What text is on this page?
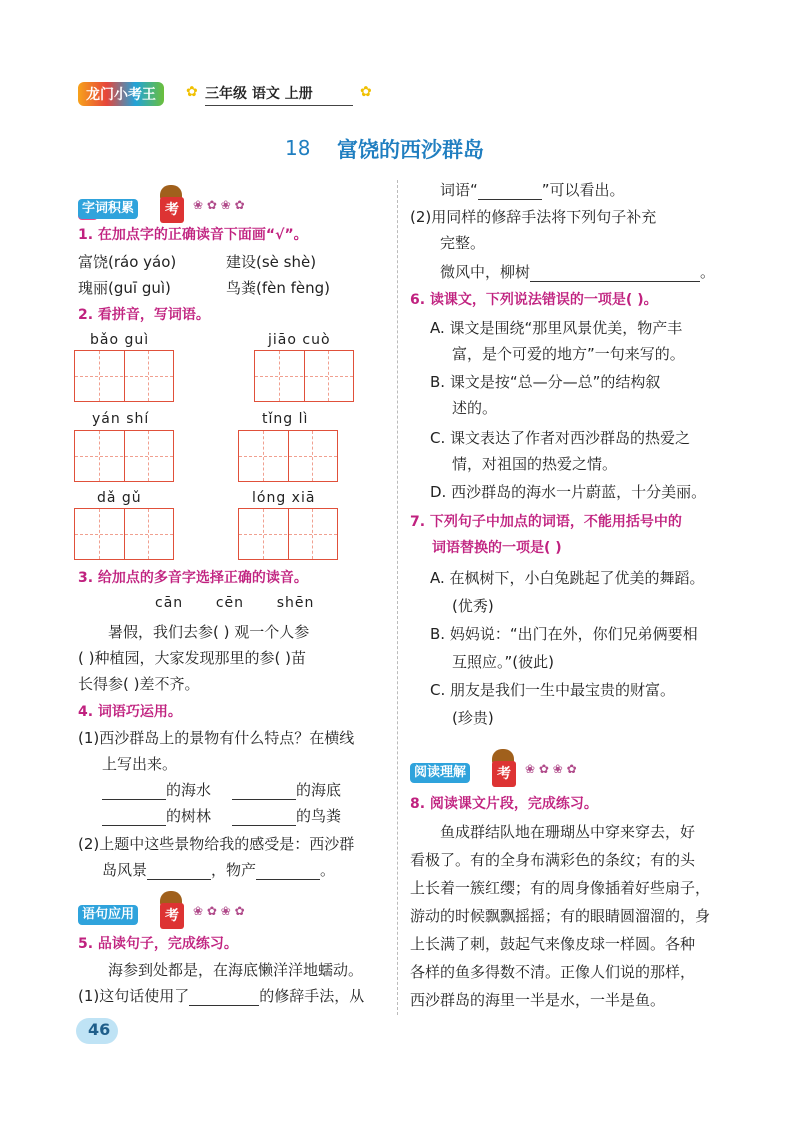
龙门小考王	✿ 三年级 语文 上册	✿
18 富饶的西沙群岛
字词积累	考	❀ ✿ ❀ ✿
1. 在加点字的正确读音下面画“√”。
富饶(ráo yáo)	建设(sè shè)
瑰丽(guī guì)	鸟粪(fèn fèng)
2. 看拼音，写词语。
bǎo guì	jiāo cuò
yán shí	tǐng lì
dǎ gǔ	lóng xiā
3. 给加点的多音字选择正确的读音。
cān      cēn      shēn
暑假，我们去参( ) 观一个人参
( )种植园，大家发现那里的参( )苗
长得参( )差不齐。
4. 词语巧运用。
(1)西沙群岛上的景物有什么特点？在横线
上写出来。
的海水	的海底
的树林	的鸟粪
(2)上题中这些景物给我的感受是：西沙群
岛风景	，物产	。
语句应用	考	❀ ✿ ❀ ✿
5. 品读句子，完成练习。
海参到处都是，在海底懒洋洋地蠕动。
(1)这句话使用了	的修辞手法，从
46
词语“	”可以看出。
(2)用同样的修辞手法将下列句子补充
完整。
微风中，柳树	。
6. 读课文，下列说法错误的一项是( )。
A. 课文是围绕“那里风景优美，物产丰
富，是个可爱的地方”一句来写的。
B. 课文是按“总—分—总”的结构叙
述的。
C. 课文表达了作者对西沙群岛的热爱之
情，对祖国的热爱之情。
D. 西沙群岛的海水一片蔚蓝，十分美丽。
7. 下列句子中加点的词语，不能用括号中的
词语替换的一项是( )
A. 在枫树下，小白兔跳起了优美的舞蹈。
(优秀)
B. 妈妈说：“出门在外，你们兄弟俩要相
互照应。”(彼此)
C. 朋友是我们一生中最宝贵的财富。
(珍贵)
阅读理解	考	❀ ✿ ❀ ✿
8. 阅读课文片段，完成练习。
鱼成群结队地在珊瑚丛中穿来穿去，好
看极了。有的全身布满彩色的条纹；有的头
上长着一簇红缨；有的周身像插着好些扇子，
游动的时候飘飘摇摇；有的眼睛圆溜溜的，身
上长满了刺，鼓起气来像皮球一样圆。各种
各样的鱼多得数不清。正像人们说的那样，
西沙群岛的海里一半是水，一半是鱼。
